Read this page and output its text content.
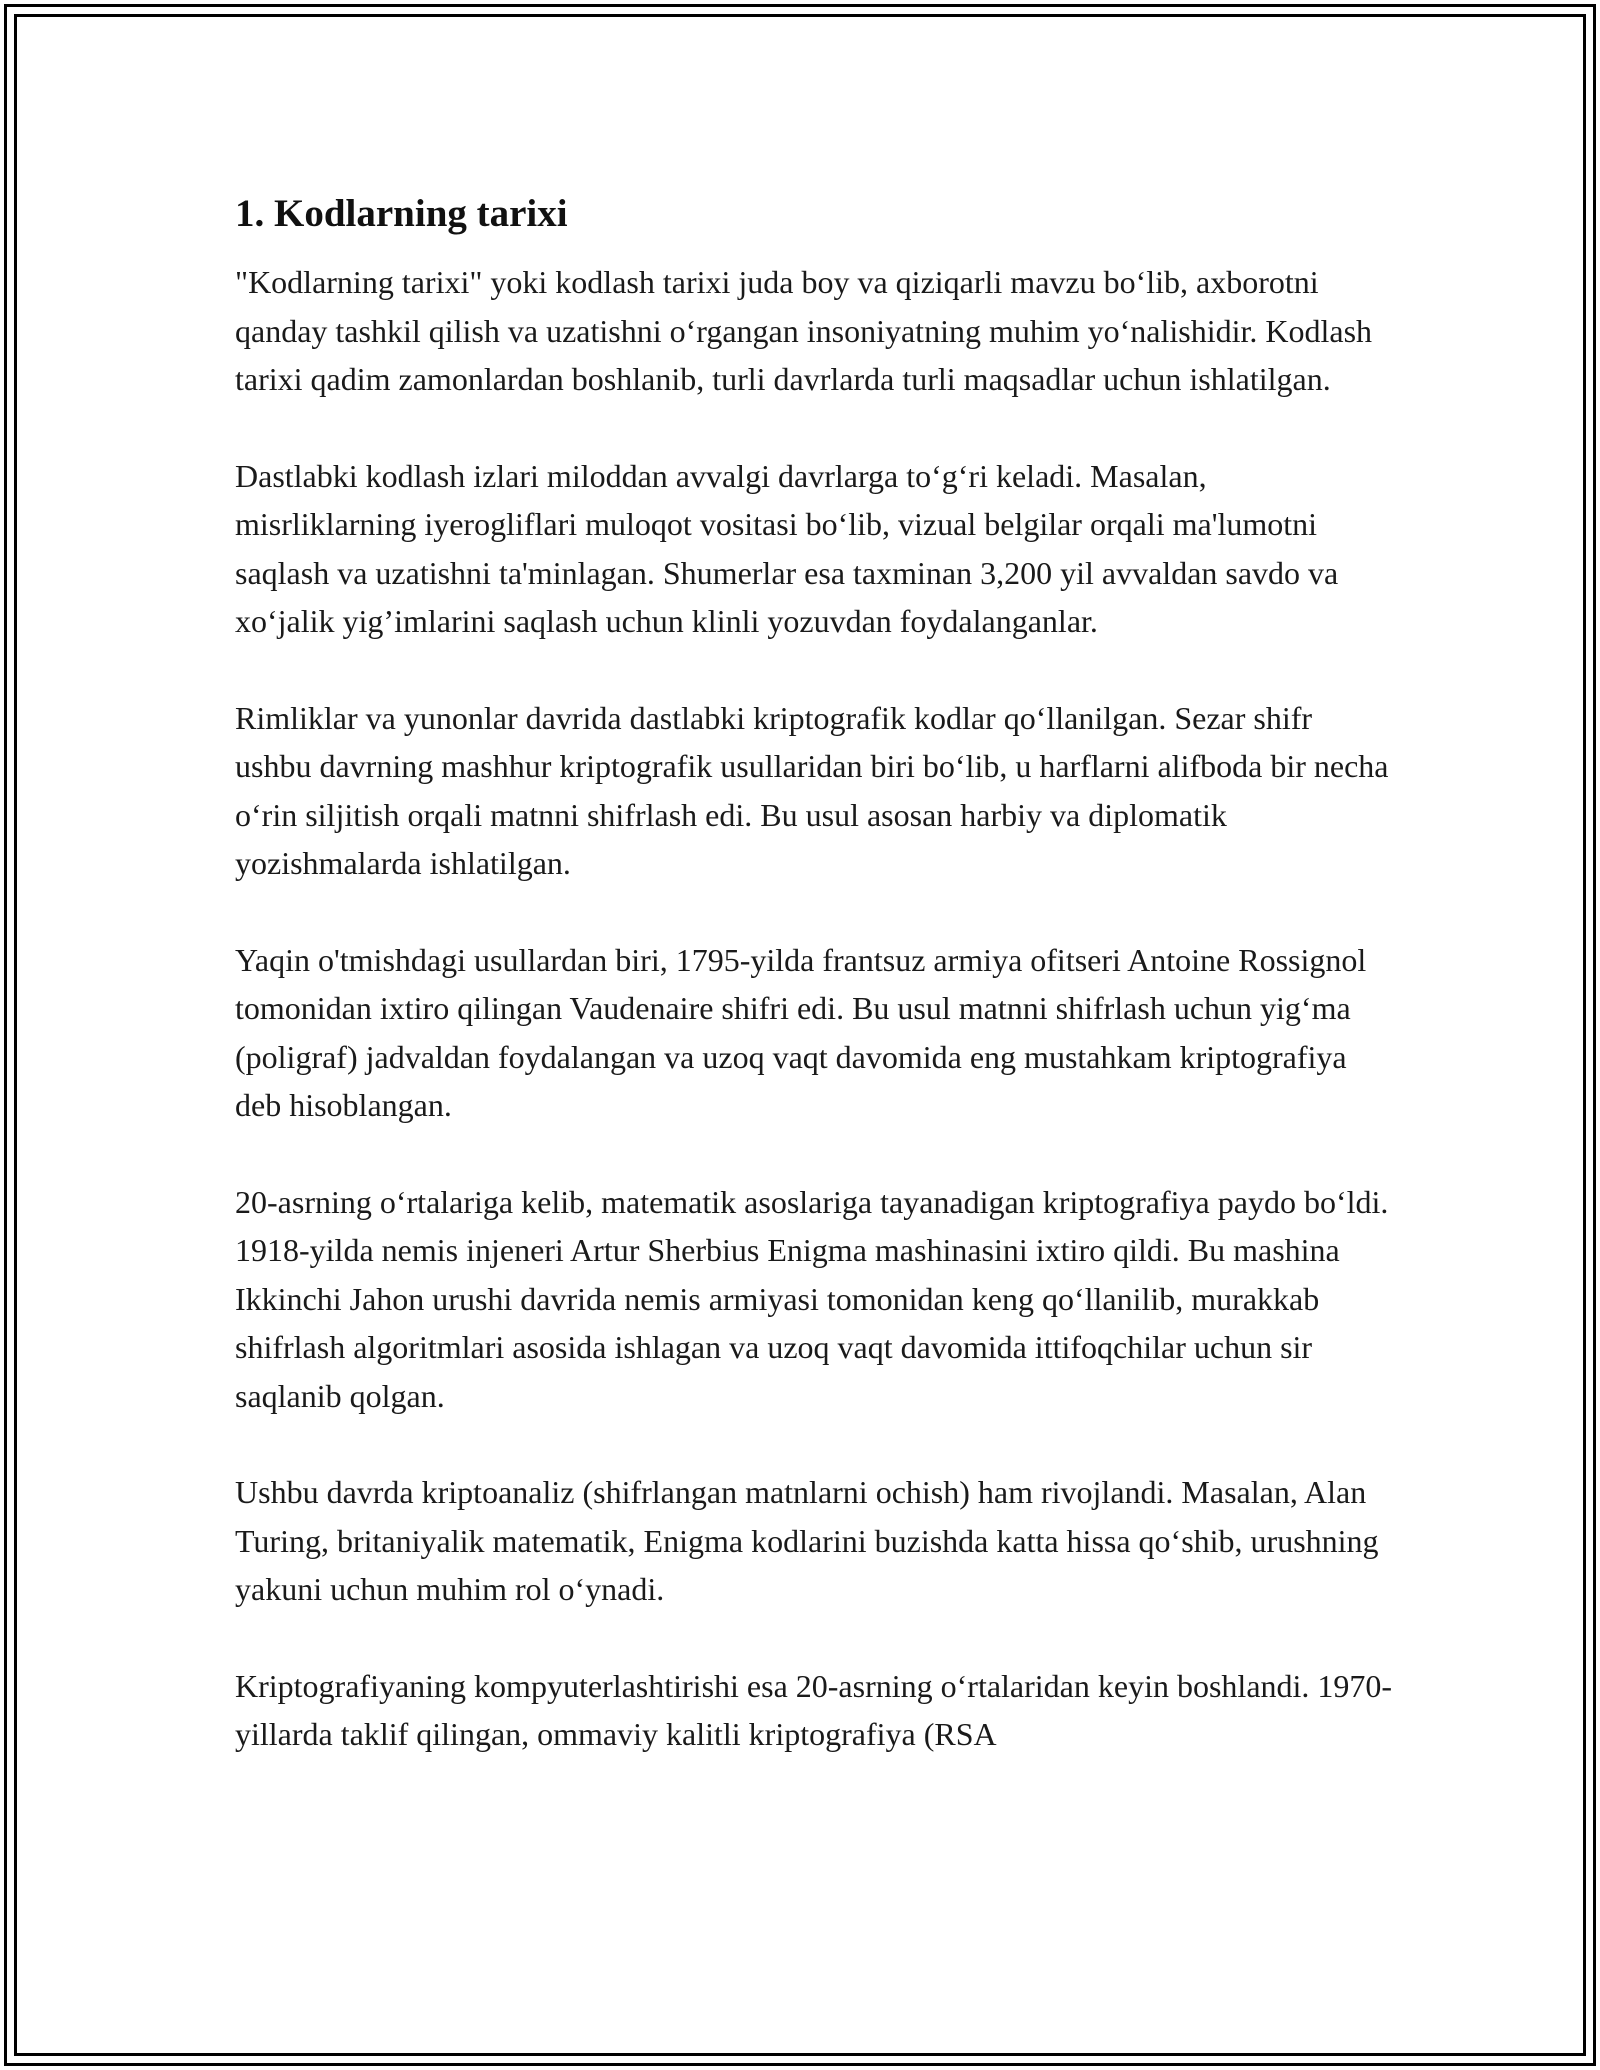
1. Kodlarning tarixi

"Kodlarning tarixi" yoki kodlash tarixi juda boy va qiziqarli mavzu bo‘lib, axborotni qanday tashkil qilish va uzatishni o‘rgangan insoniyatning muhim yo‘nalishidir. Kodlash tarixi qadim zamonlardan boshlanib, turli davrlarda turli maqsadlar uchun ishlatilgan.

Dastlabki kodlash izlari miloddan avvalgi davrlarga to‘g‘ri keladi. Masalan, misrliklarning iyerogliflari muloqot vositasi bo‘lib, vizual belgilar orqali ma'lumotni saqlash va uzatishni ta'minlagan. Shumerlar esa taxminan 3,200 yil avvaldan savdo va xo‘jalik yig’imlarini saqlash uchun klinli yozuvdan foydalanganlar.

Rimliklar va yunonlar davrida dastlabki kriptografik kodlar qo‘llanilgan. Sezar shifr ushbu davrning mashhur kriptografik usullaridan biri bo‘lib, u harflarni alifboda bir necha o‘rin siljitish orqali matnni shifrlash edi. Bu usul asosan harbiy va diplomatik yozishmalarda ishlatilgan.

Yaqin o'tmishdagi usullardan biri, 1795-yilda frantsuz armiya ofitseri Antoine Rossignol tomonidan ixtiro qilingan Vaudenaire shifri edi. Bu usul matnni shifrlash uchun yig‘ma (poligraf) jadvaldan foydalangan va uzoq vaqt davomida eng mustahkam kriptografiya deb hisoblangan.

20-asrning o‘rtalariga kelib, matematik asoslariga tayanadigan kriptografiya paydo bo‘ldi. 1918-yilda nemis injeneri Artur Sherbius Enigma mashinasini ixtiro qildi. Bu mashina Ikkinchi Jahon urushi davrida nemis armiyasi tomonidan keng qo‘llanilib, murakkab shifrlash algoritmlari asosida ishlagan va uzoq vaqt davomida ittifoqchilar uchun sir saqlanib qolgan.

Ushbu davrda kriptoanaliz (shifrlangan matnlarni ochish) ham rivojlandi. Masalan, Alan Turing, britaniyalik matematik, Enigma kodlarini buzishda katta hissa qo‘shib, urushning yakuni uchun muhim rol o‘ynadi.

Kriptografiyaning kompyuterlashtirishi esa 20-asrning o‘rtalaridan keyin boshlandi. 1970-yillarda taklif qilingan, ommaviy kalitli kriptografiya (RSA
